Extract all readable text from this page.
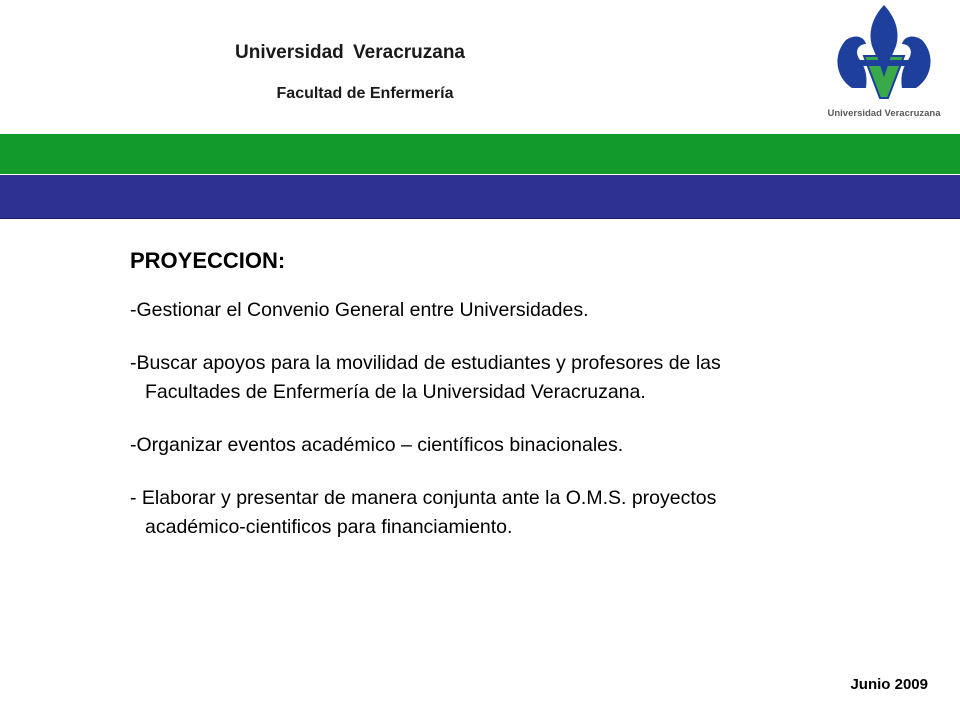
Universidad Veracruzana
Facultad de Enfermería
Universidad Veracruzana
PROYECCION:
-Gestionar el Convenio General entre Universidades.
-Buscar apoyos para la movilidad de estudiantes y profesores de las
Facultades de Enfermería de la Universidad Veracruzana.
-Organizar eventos académico – científicos binacionales.
- Elaborar y presentar de manera conjunta ante la O.M.S. proyectos
académico-cientificos para financiamiento.
Junio 2009
